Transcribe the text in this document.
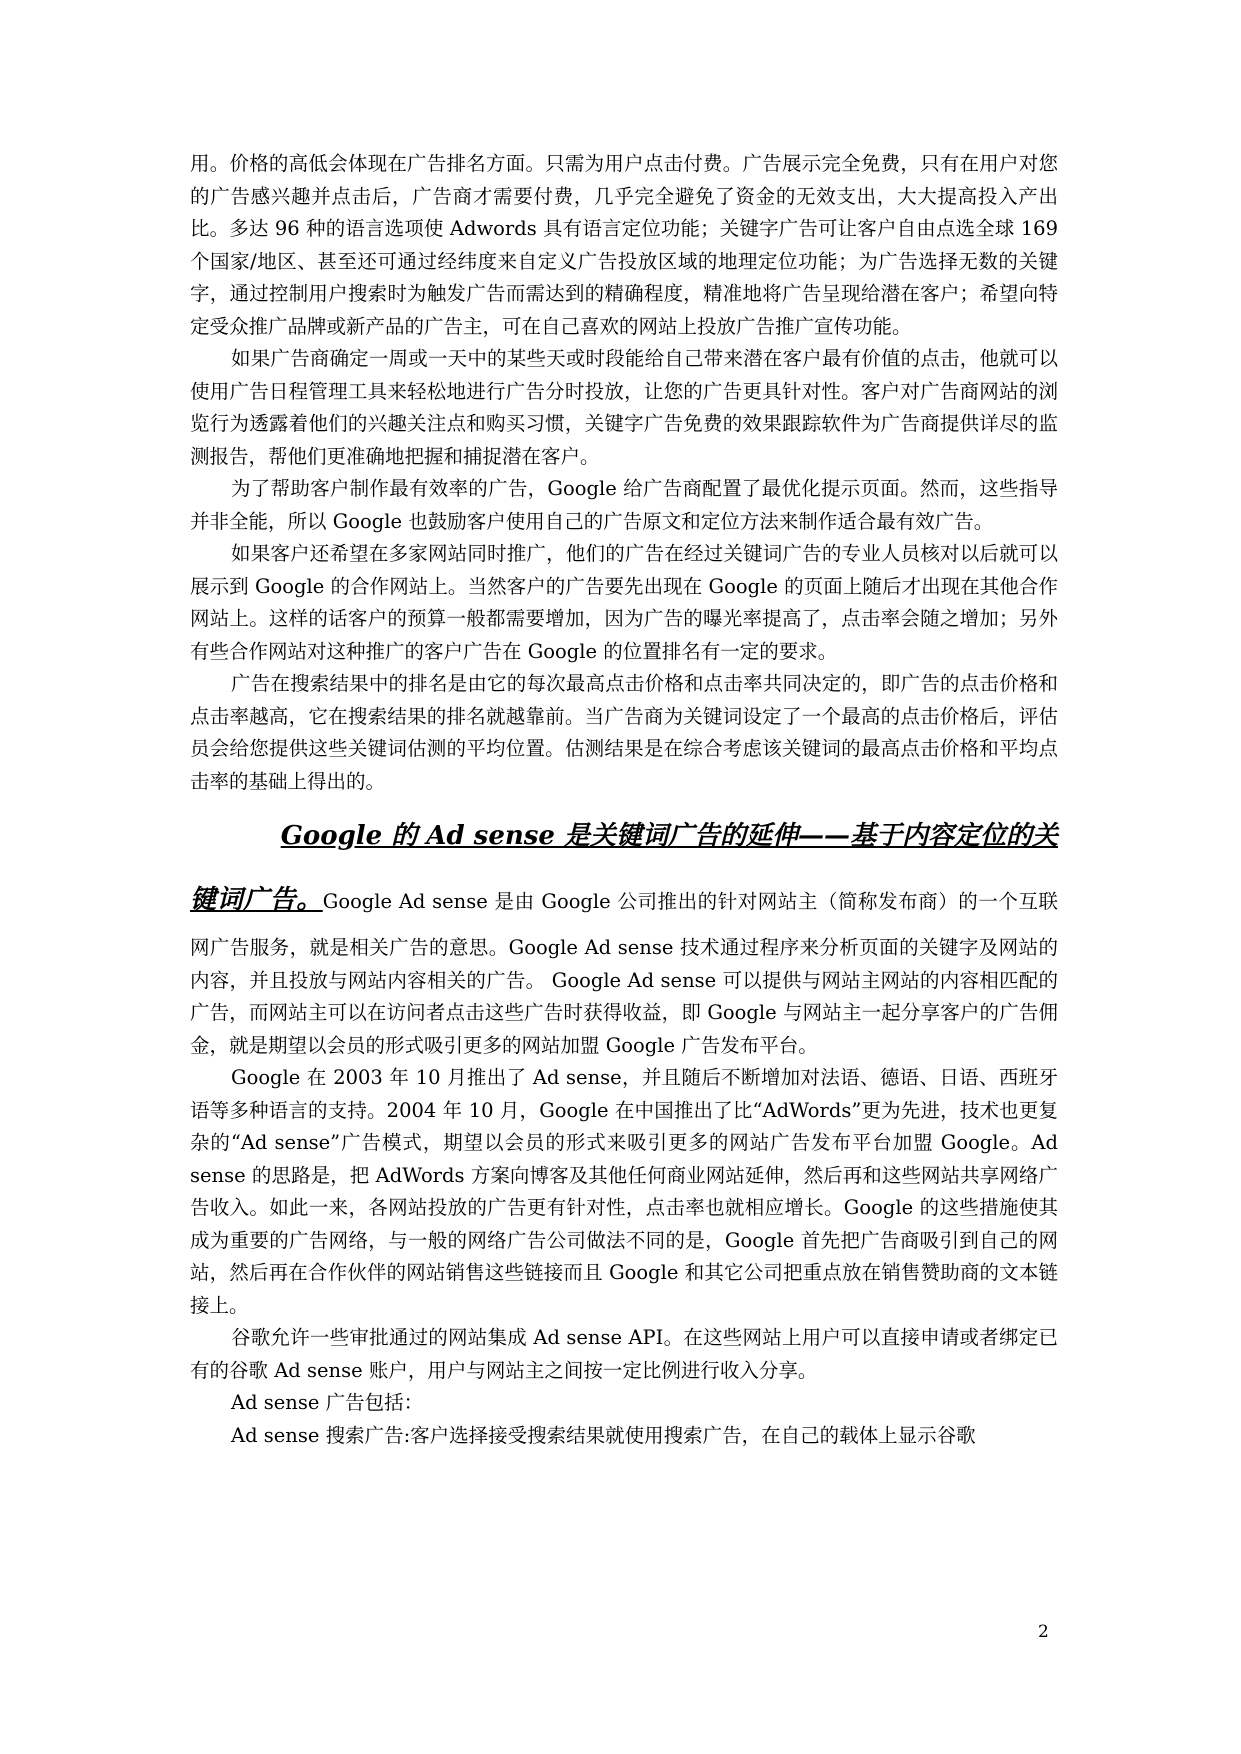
用。价格的高低会体现在广告排名方面。只需为用户点击付费。广告展示完全免费，只有在用户对您的广告感兴趣并点击后，广告商才需要付费，几乎完全避免了资金的无效支出，大大提高投入产出比。多达 96 种的语言选项使 Adwords 具有语言定位功能；关键字广告可让客户自由点选全球 169 个国家/地区、甚至还可通过经纬度来自定义广告投放区域的地理定位功能；为广告选择无数的关键字，通过控制用户搜索时为触发广告而需达到的精确程度，精准地将广告呈现给潜在客户；希望向特定受众推广品牌或新产品的广告主，可在自己喜欢的网站上投放广告推广宣传功能。

如果广告商确定一周或一天中的某些天或时段能给自己带来潜在客户最有价值的点击，他就可以使用广告日程管理工具来轻松地进行广告分时投放，让您的广告更具针对性。客户对广告商网站的浏览行为透露着他们的兴趣关注点和购买习惯，关键字广告免费的效果跟踪软件为广告商提供详尽的监测报告，帮他们更准确地把握和捕捉潜在客户。

为了帮助客户制作最有效率的广告，Google 给广告商配置了最优化提示页面。然而，这些指导并非全能，所以 Google 也鼓励客户使用自己的广告原文和定位方法来制作适合最有效广告。

如果客户还希望在多家网站同时推广，他们的广告在经过关键词广告的专业人员核对以后就可以展示到 Google 的合作网站上。当然客户的广告要先出现在 Google 的页面上随后才出现在其他合作网站上。这样的话客户的预算一般都需要增加，因为广告的曝光率提高了，点击率会随之增加；另外有些合作网站对这种推广的客户广告在 Google 的位置排名有一定的要求。

广告在搜索结果中的排名是由它的每次最高点击价格和点击率共同决定的，即广告的点击价格和点击率越高，它在搜索结果的排名就越靠前。当广告商为关键词设定了一个最高的点击价格后，评估员会给您提供这些关键词估测的平均位置。估测结果是在综合考虑该关键词的最高点击价格和平均点击率的基础上得出的。

Google 的 Ad sense 是关键词广告的延伸——基于内容定位的关

键词广告。Google Ad sense 是由 Google 公司推出的针对网站主（简称发布商）的一个互联网广告服务，就是相关广告的意思。Google Ad sense 技术通过程序来分析页面的关键字及网站的内容，并且投放与网站内容相关的广告。 Google Ad sense 可以提供与网站主网站的内容相匹配的广告，而网站主可以在访问者点击这些广告时获得收益，即 Google 与网站主一起分享客户的广告佣金，就是期望以会员的形式吸引更多的网站加盟 Google 广告发布平台。

Google 在 2003 年 10 月推出了 Ad sense，并且随后不断增加对法语、德语、日语、西班牙语等多种语言的支持。2004 年 10 月，Google 在中国推出了比“AdWords”更为先进，技术也更复杂的“Ad sense”广告模式，期望以会员的形式来吸引更多的网站广告发布平台加盟 Google。Ad sense 的思路是，把 AdWords 方案向博客及其他任何商业网站延伸，然后再和这些网站共享网络广告收入。如此一来，各网站投放的广告更有针对性，点击率也就相应增长。Google 的这些措施使其成为重要的广告网络，与一般的网络广告公司做法不同的是，Google 首先把广告商吸引到自己的网站，然后再在合作伙伴的网站销售这些链接而且 Google 和其它公司把重点放在销售赞助商的文本链接上。

谷歌允许一些审批通过的网站集成 Ad sense API。在这些网站上用户可以直接申请或者绑定已有的谷歌 Ad sense 账户，用户与网站主之间按一定比例进行收入分享。

Ad sense 广告包括：

Ad sense 搜索广告:客户选择接受搜索结果就使用搜索广告，在自己的载体上显示谷歌

2
